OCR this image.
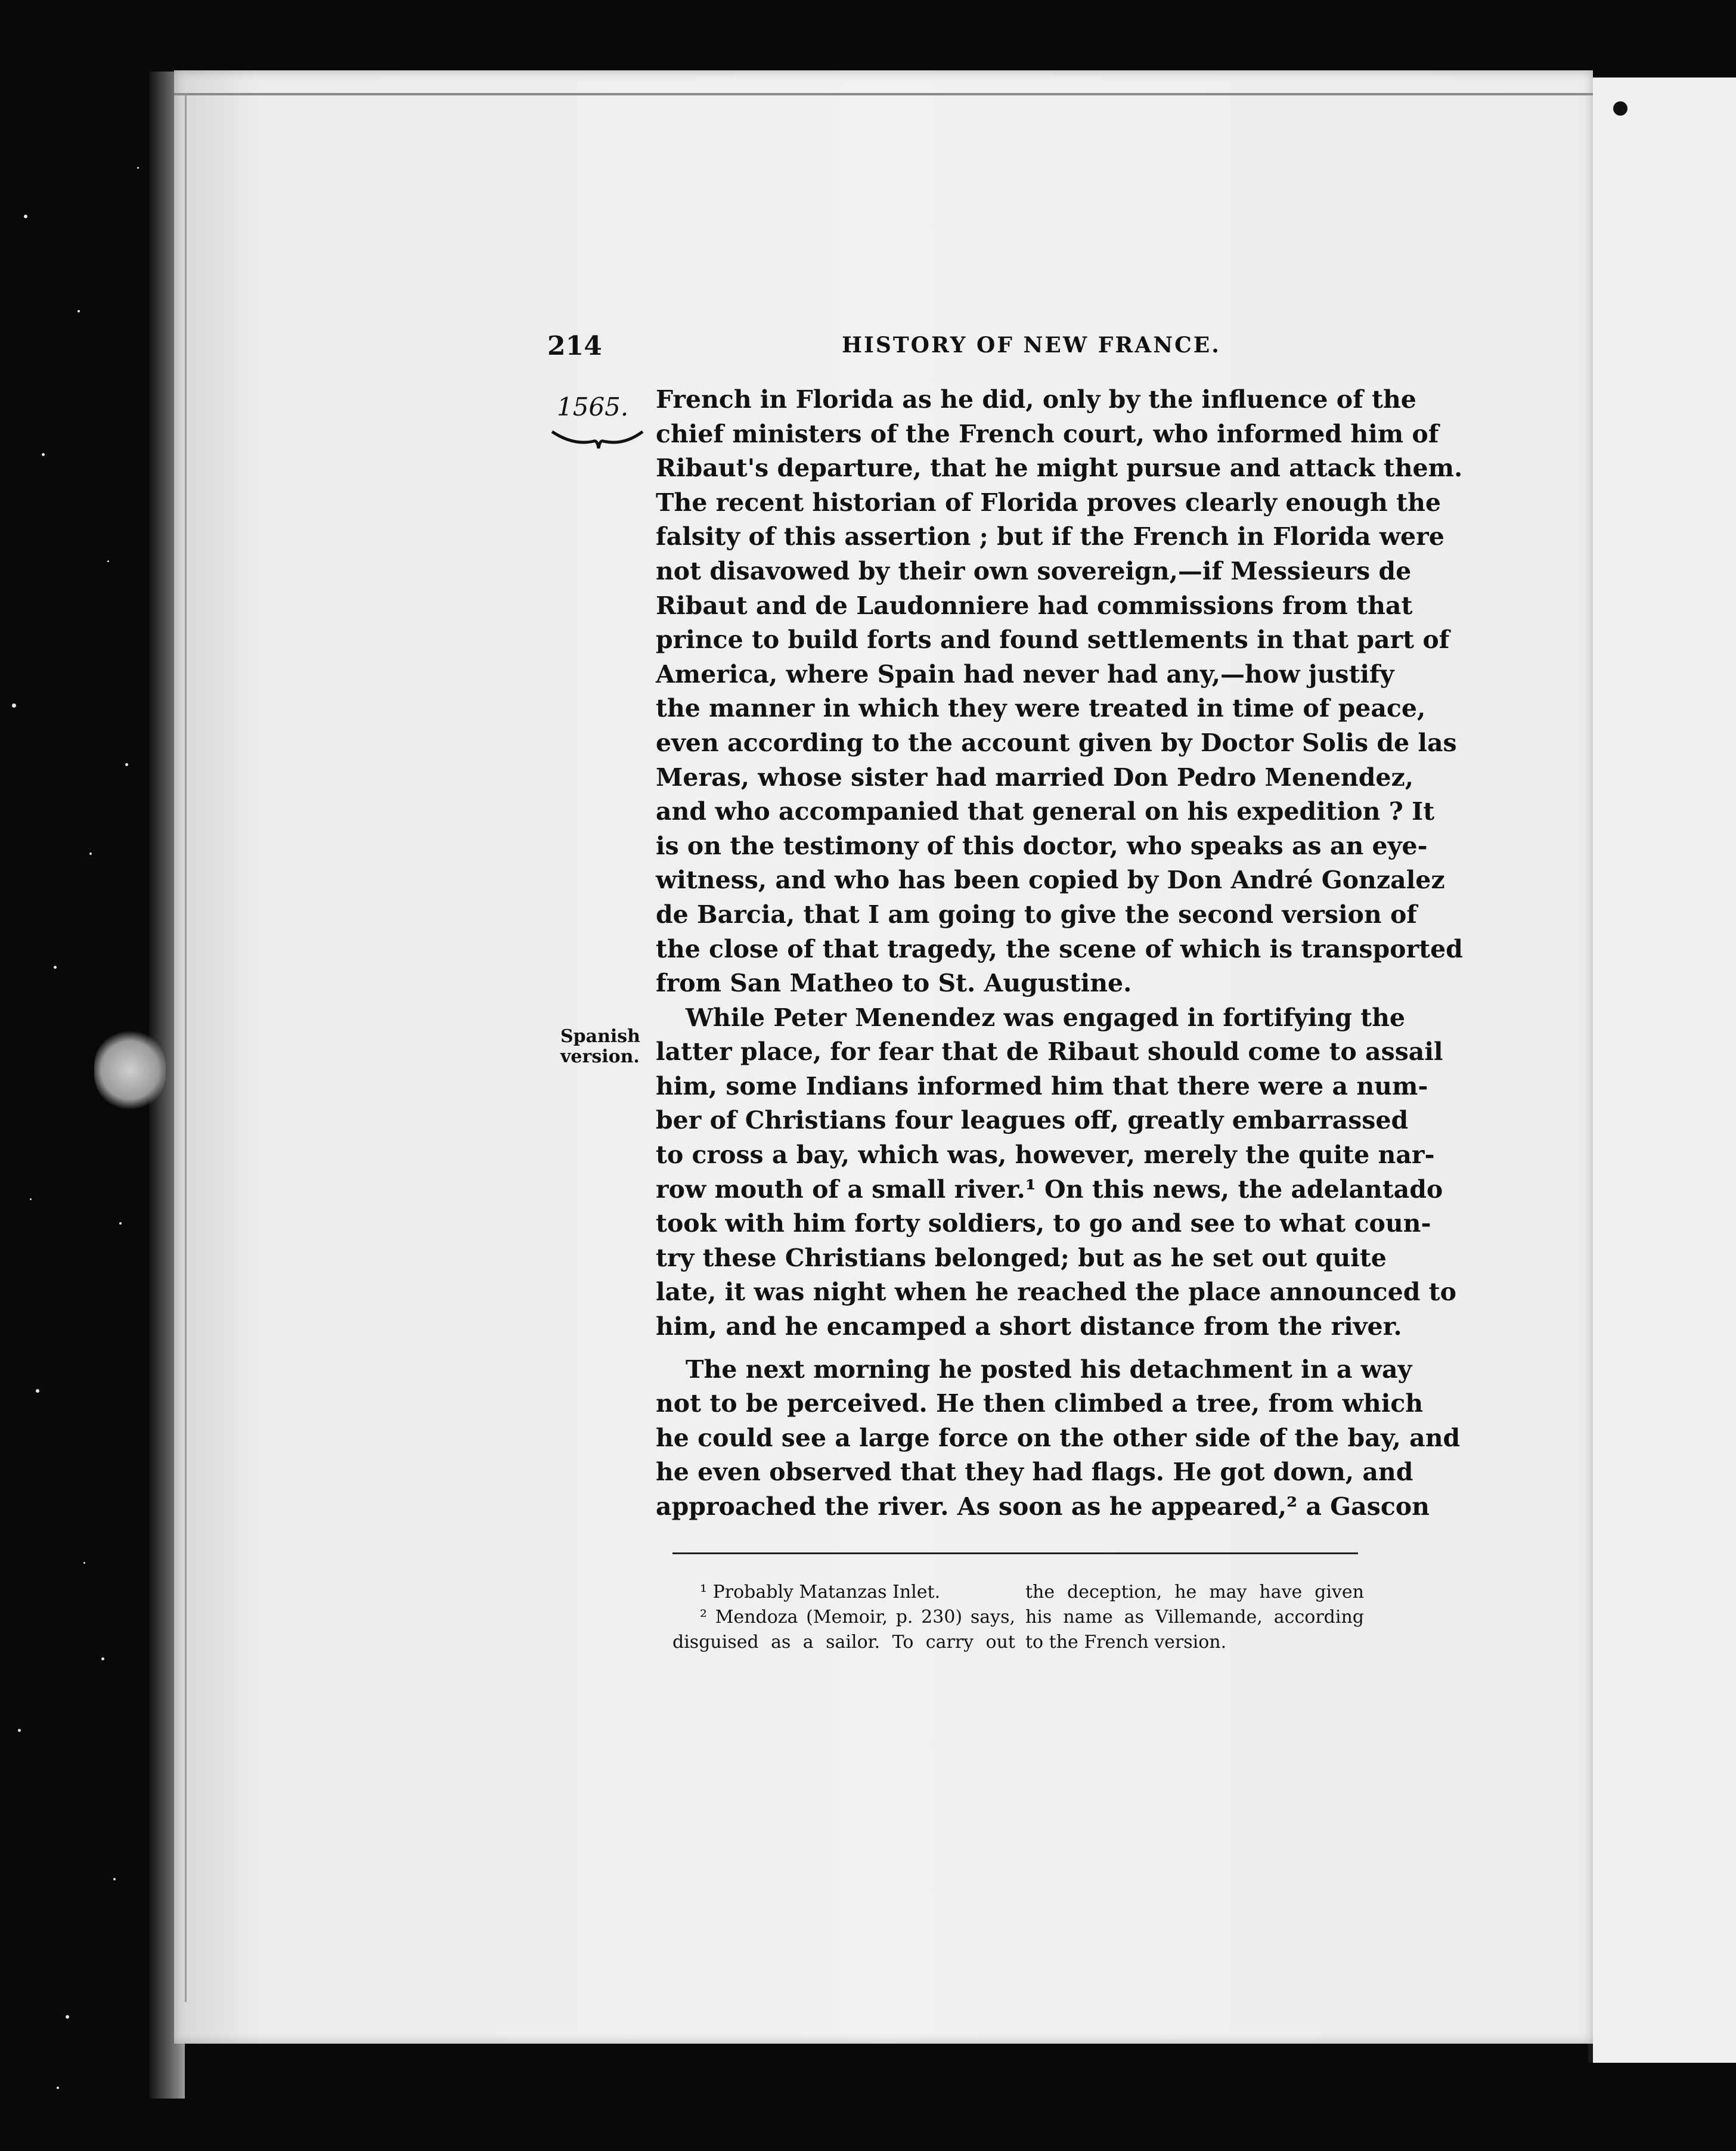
214	HISTORY OF NEW FRANCE.
1565.
Spanish
version.
French in Florida as he did, only by the influence of the
chief ministers of the French court, who informed him of
Ribaut's departure, that he might pursue and attack them.
The recent historian of Florida proves clearly enough the
falsity of this assertion ; but if the French in Florida were
not disavowed by their own sovereign,—if Messieurs de
Ribaut and de Laudonniere had commissions from that
prince to build forts and found settlements in that part of
America, where Spain had never had any,—how justify
the manner in which they were treated in time of peace,
even according to the account given by Doctor Solis de las
Meras, whose sister had married Don Pedro Menendez,
and who accompanied that general on his expedition ? It
is on the testimony of this doctor, who speaks as an eye-
witness, and who has been copied by Don André Gonzalez
de Barcia, that I am going to give the second version of
the close of that tragedy, the scene of which is transported
from San Matheo to St. Augustine.
While Peter Menendez was engaged in fortifying the
latter place, for fear that de Ribaut should come to assail
him, some Indians informed him that there were a num-
ber of Christians four leagues off, greatly embarrassed
to cross a bay, which was, however, merely the quite nar-
row mouth of a small river.¹ On this news, the adelantado
took with him forty soldiers, to go and see to what coun-
try these Christians belonged; but as he set out quite
late, it was night when he reached the place announced to
him, and he encamped a short distance from the river.
The next morning he posted his detachment in a way
not to be perceived. He then climbed a tree, from which
he could see a large force on the other side of the bay, and
he even observed that they had flags. He got down, and
approached the river. As soon as he appeared,² a Gascon
¹ Probably Matanzas Inlet.
² Mendoza (Memoir, p. 230) says,
disguised as a sailor. To carry out
the deception, he may have given
his name as Villemande, according
to the French version.
